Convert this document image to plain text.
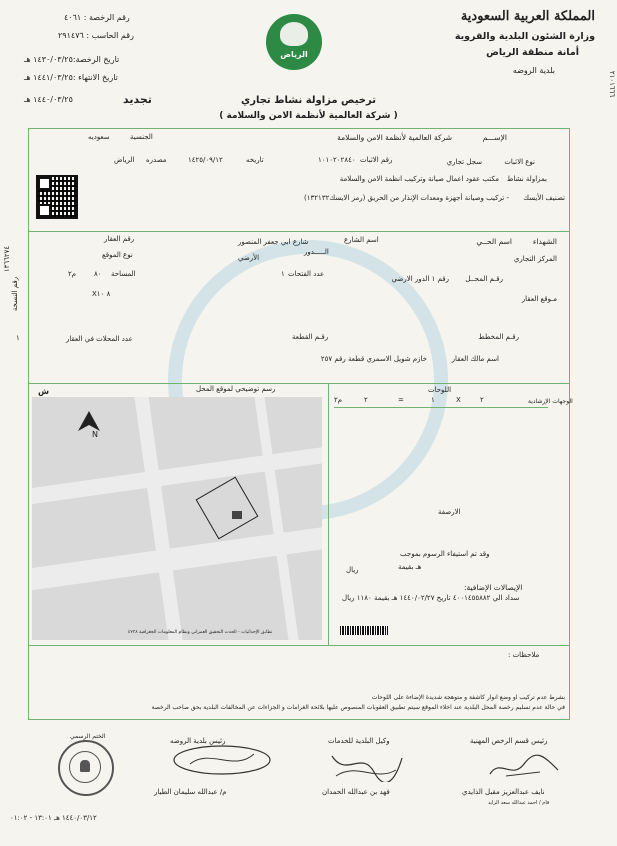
المملكة العربية السعودية
وزارة الشئون البلدية والقروية
أمانة منطقة الرياض
بلدية الروضه
الرياض
رقم الرخصة : ٤٠٦١
رقم الحاسب : ٢٩١٤٧٦
تاريخ الرخصة:١٤٣٠/٠٣/٢٥ هـ
تاريخ الانتهاء :١٤٤١/٠٣/٢٥ هـ
تجديد
١٤٤٠/٠٣/٢٥ هـ
٢١٠١٦٦٦
ترخيص مزاولة نشاط تجاري
( شركة العالمية لأنظمة الامن والسلامة )
الإســـم
شركة العالمية لأنظمة الامن والسلامة
الجنسية
سعوديه
نوع الاثبات
سجل تجاري
رقم الاثبات
١٠١٠٢٠٢٨٤٠
تاريخه
١٤٢٥/٠٩/١٢
مصدره
الرياض
بمزاولة نشاط
مكتب عقود اعمال صيانة وتركيب انظمة الامن والسلامة
تصنيف الأيسك
- تركيب وصيانة أجهزة ومعدات الإنذار من الحريق (رمز الايسك١٣٢١٣٢)
اسم الحــي	الشهداء
اسم الشارع
شارع ابي جعفر المنصور
رقم العقار
المركز التجاري
الـــــدور
الأرضي
نوع الموقع
رقـم المحــل
رقم ١ الدور الارضي
عدد الفتحات
١
المساحة
٨٠
م٢
٨ X١٠
مـوقع العقار
رقـم المخطط
رقـم القطعة
عدد المحلات في العقار
اسم مالك العقار
خازم شويل الاسمري قطعة رقم ٢٥٧
رقم النسخة
١٣٦٦٢٧٤
١
رسم توضيحي لموقع المحل
ش
N
تطابق الإحداثيات - الحدث التحقيق العمراني ونظام المعلومات الجغرافية ٤٢٣٨
اللوحات
الوجهات الإرشادية
٢
X
١
=
٢
م٢
الارصفة
وقد تم استيفاء الرسوم بموجب
هـ بقيمة
ريال
الإيصالات الإضافية:
سداد الي ٤٠٠١٤٥٥٨٨٢ تاريخ ١٤٤٠/٠٢/٢٧ هـ بقيمة ١١٨٠ ريال
ملاحظات :
بشرط عدم تركيب او وضع انوار كاشفة و متوهجة شديدة الإضاءة على اللوحات
في حالة عدم تسليم رخصة المحل البلدية عند اخلاء الموقع سيتم تطبيق العقوبات المنصوص عليها بلائحة الغرامات و الجزاءات عن المخالفات البلدية بحق صاحب الرخصة
رئيس قسم الرخص المهنية
نايف عبدالعزيز مقبل الذايدي
قام / احمد عبدالله سعد الزايد
وكيل البلدية للخدمات
فهد بن عبدالله الحمدان
رئيس بلدية الروضه
م/ عبدالله سليمان الطيار
الختم الرسمي
١٤٤٠/٠٣/١٢ هـ ١٣:٠١ - ٠١:٠٢
